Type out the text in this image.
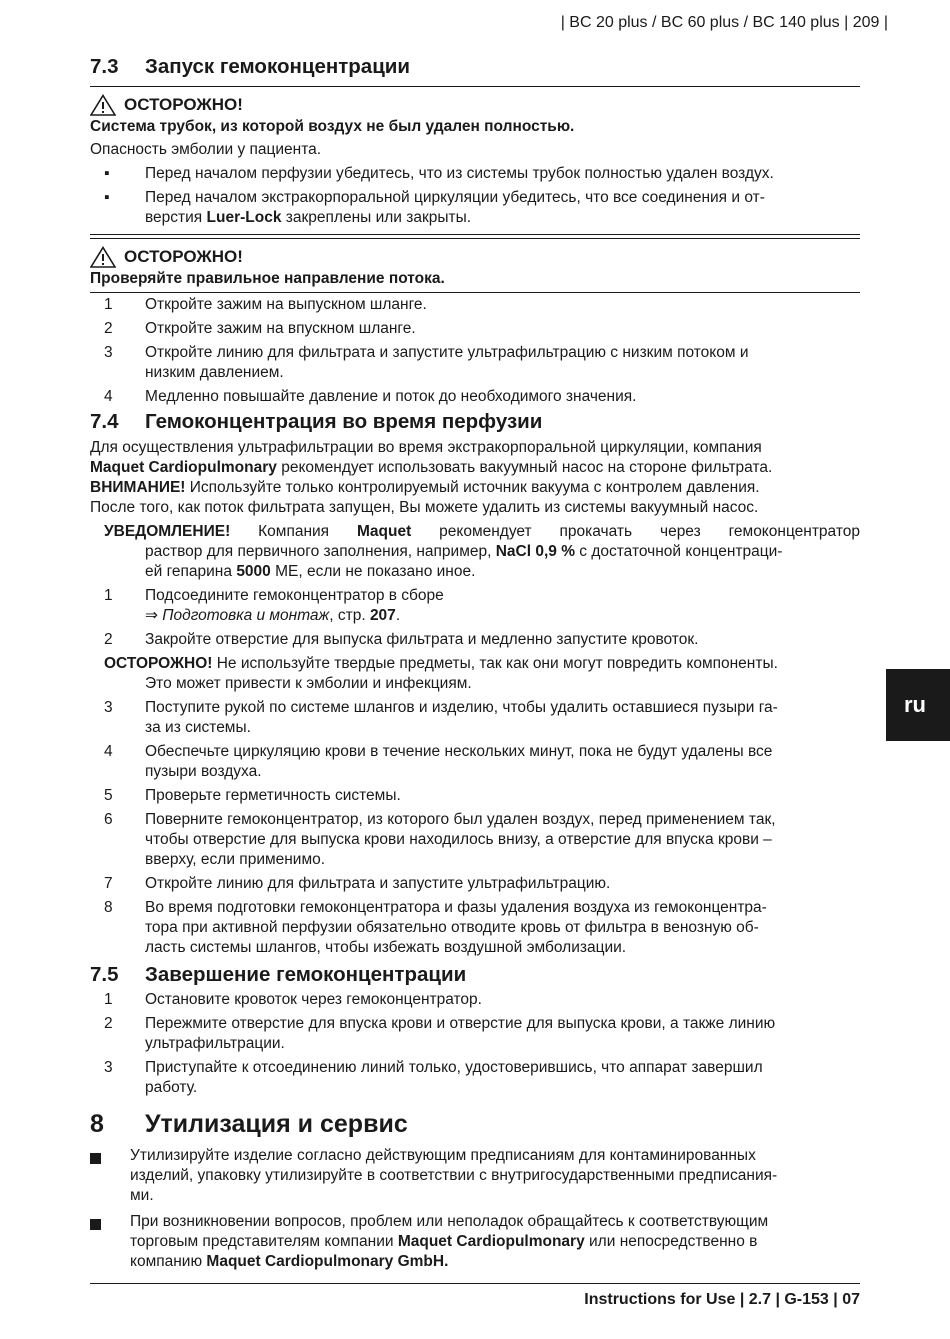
| BC 20 plus / BC 60 plus / BC 140 plus | 209 |
ru
7.3	Запуск гемоконцентрации
ОСТОРОЖНО!
Система трубок, из которой воздух не был удален полностью.
Опасность эмболии у пациента.
▪	Перед началом перфузии убедитесь, что из системы трубок полностью удален воздух.
▪	Перед началом экстракорпоральной циркуляции убедитесь, что все соединения и от-
верстия Luer-Lock закреплены или закрыты.
ОСТОРОЖНО!
Проверяйте правильное направление потока.
1	Откройте зажим на выпускном шланге.
2	Откройте зажим на впускном шланге.
3	Откройте линию для фильтрата и запустите ультрафильтрацию с низким потоком и
низким давлением.
4	Медленно повышайте давление и поток до необходимого значения.
7.4	Гемоконцентрация во время перфузии
Для осуществления ультрафильтрации во время экстракорпоральной циркуляции, компания
Maquet Cardiopulmonary рекомендует использовать вакуумный насос на стороне фильтрата.
ВНИМАНИЕ! Используйте только контролируемый источник вакуума с контролем давления.
После того, как поток фильтрата запущен, Вы можете удалить из системы вакуумный насос.
УВЕДОМЛЕНИЕ! Компания Maquet рекомендует прокачать через гемоконцентратор
раствор для первичного заполнения, например, NaCl 0,9 % с достаточной концентраци-
ей гепарина 5000 МЕ, если не показано иное.
1	Подсоедините гемоконцентратор в сборе
⇒ Подготовка и монтаж, стр. 207.
2	Закройте отверстие для выпуска фильтрата и медленно запустите кровоток.
ОСТОРОЖНО! Не используйте твердые предметы, так как они могут повредить компоненты.
Это может привести к эмболии и инфекциям.
3	Поступите рукой по системе шлангов и изделию, чтобы удалить оставшиеся пузыри га-
за из системы.
4	Обеспечьте циркуляцию крови в течение нескольких минут, пока не будут удалены все
пузыри воздуха.
5	Проверьте герметичность системы.
6	Поверните гемоконцентратор, из которого был удален воздух, перед применением так,
чтобы отверстие для выпуска крови находилось внизу, а отверстие для впуска крови –
вверху, если применимо.
7	Откройте линию для фильтрата и запустите ультрафильтрацию.
8	Во время подготовки гемоконцентратора и фазы удаления воздуха из гемоконцентра-
тора при активной перфузии обязательно отводите кровь от фильтра в венозную об-
ласть системы шлангов, чтобы избежать воздушной эмболизации.
7.5	Завершение гемоконцентрации
1	Остановите кровоток через гемоконцентратор.
2	Пережмите отверстие для впуска крови и отверстие для выпуска крови, а также линию
ультрафильтрации.
3	Приступайте к отсоединению линий только, удостоверившись, что аппарат завершил
работу.
8	Утилизация и сервис
Утилизируйте изделие согласно действующим предписаниям для контаминированных
изделий, упаковку утилизируйте в соответствии с внутригосударственными предписания-
ми.
При возникновении вопросов, проблем или неполадок обращайтесь к соответствующим
торговым представителям компании Maquet Cardiopulmonary или непосредственно в
компанию Maquet Cardiopulmonary GmbH.
Instructions for Use | 2.7 | G-153 | 07
